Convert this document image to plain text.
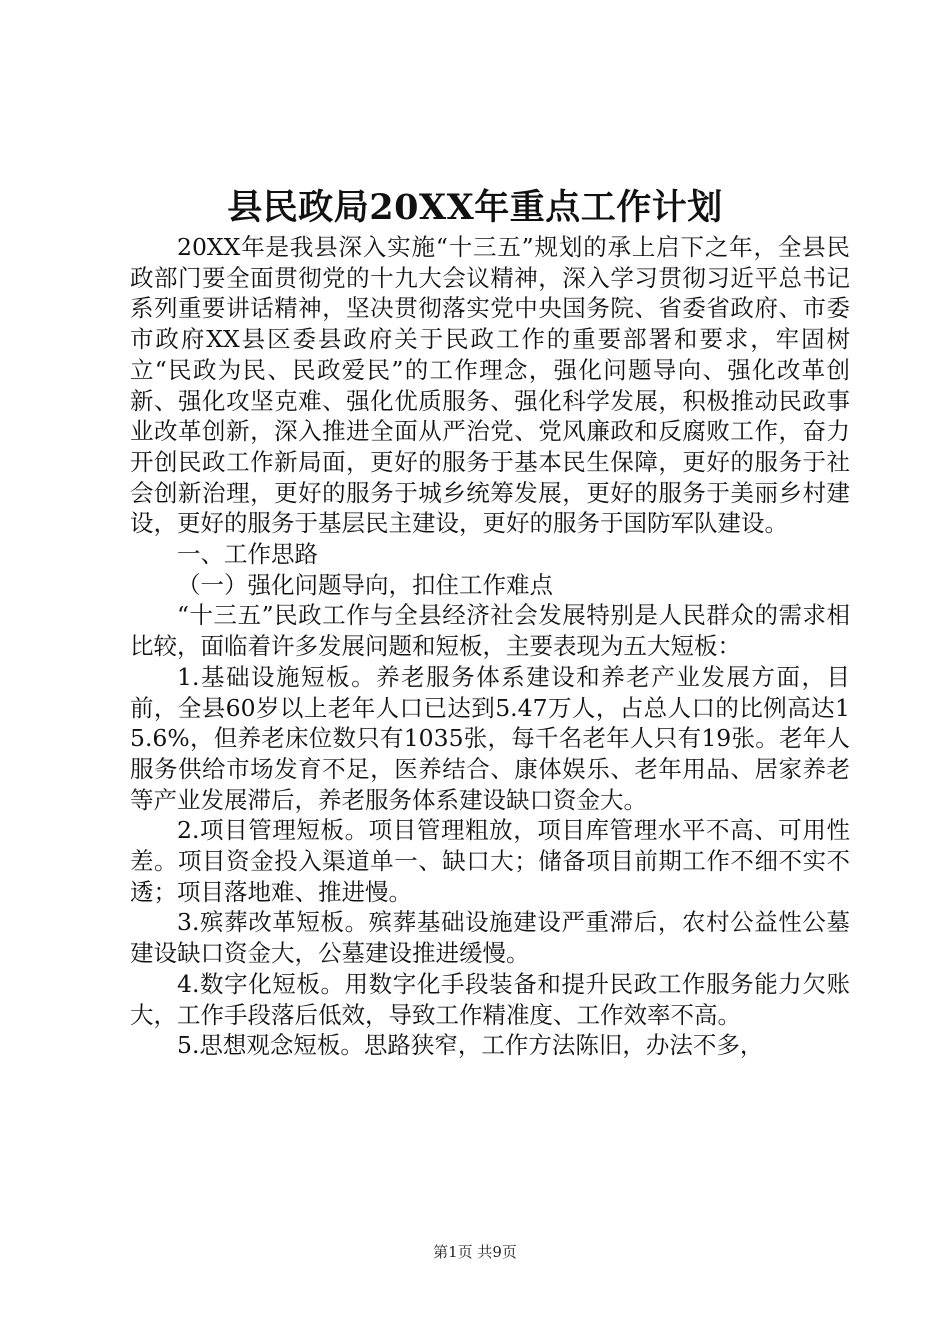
县民政局20XX年重点工作计划

20XX年是我县深入实施“十三五”规划的承上启下之年，全县民政部门要全面贯彻党的十九大会议精神，深入学习贯彻习近平总书记系列重要讲话精神，坚决贯彻落实党中央国务院、省委省政府、市委市政府XX县区委县政府关于民政工作的重要部署和要求，牢固树立“民政为民、民政爱民”的工作理念，强化问题导向、强化改革创新、强化攻坚克难、强化优质服务、强化科学发展，积极推动民政事业改革创新，深入推进全面从严治党、党风廉政和反腐败工作，奋力开创民政工作新局面，更好的服务于基本民生保障，更好的服务于社会创新治理，更好的服务于城乡统筹发展，更好的服务于美丽乡村建设，更好的服务于基层民主建设，更好的服务于国防军队建设。

一、工作思路

（一）强化问题导向，扣住工作难点

“十三五”民政工作与全县经济社会发展特别是人民群众的需求相比较，面临着许多发展问题和短板，主要表现为五大短板：

1.基础设施短板。养老服务体系建设和养老产业发展方面，目前，全县60岁以上老年人口已达到5.47万人，占总人口的比例高达15.6%，但养老床位数只有1035张，每千名老年人只有19张。老年人服务供给市场发育不足，医养结合、康体娱乐、老年用品、居家养老等产业发展滞后，养老服务体系建设缺口资金大。

2.项目管理短板。项目管理粗放，项目库管理水平不高、可用性差。项目资金投入渠道单一、缺口大；储备项目前期工作不细不实不透；项目落地难、推进慢。

3.殡葬改革短板。殡葬基础设施建设严重滞后，农村公益性公墓建设缺口资金大，公墓建设推进缓慢。

4.数字化短板。用数字化手段装备和提升民政工作服务能力欠账大，工作手段落后低效，导致工作精准度、工作效率不高。

5.思想观念短板。思路狭窄，工作方法陈旧，办法不多，

第1页 共9页
